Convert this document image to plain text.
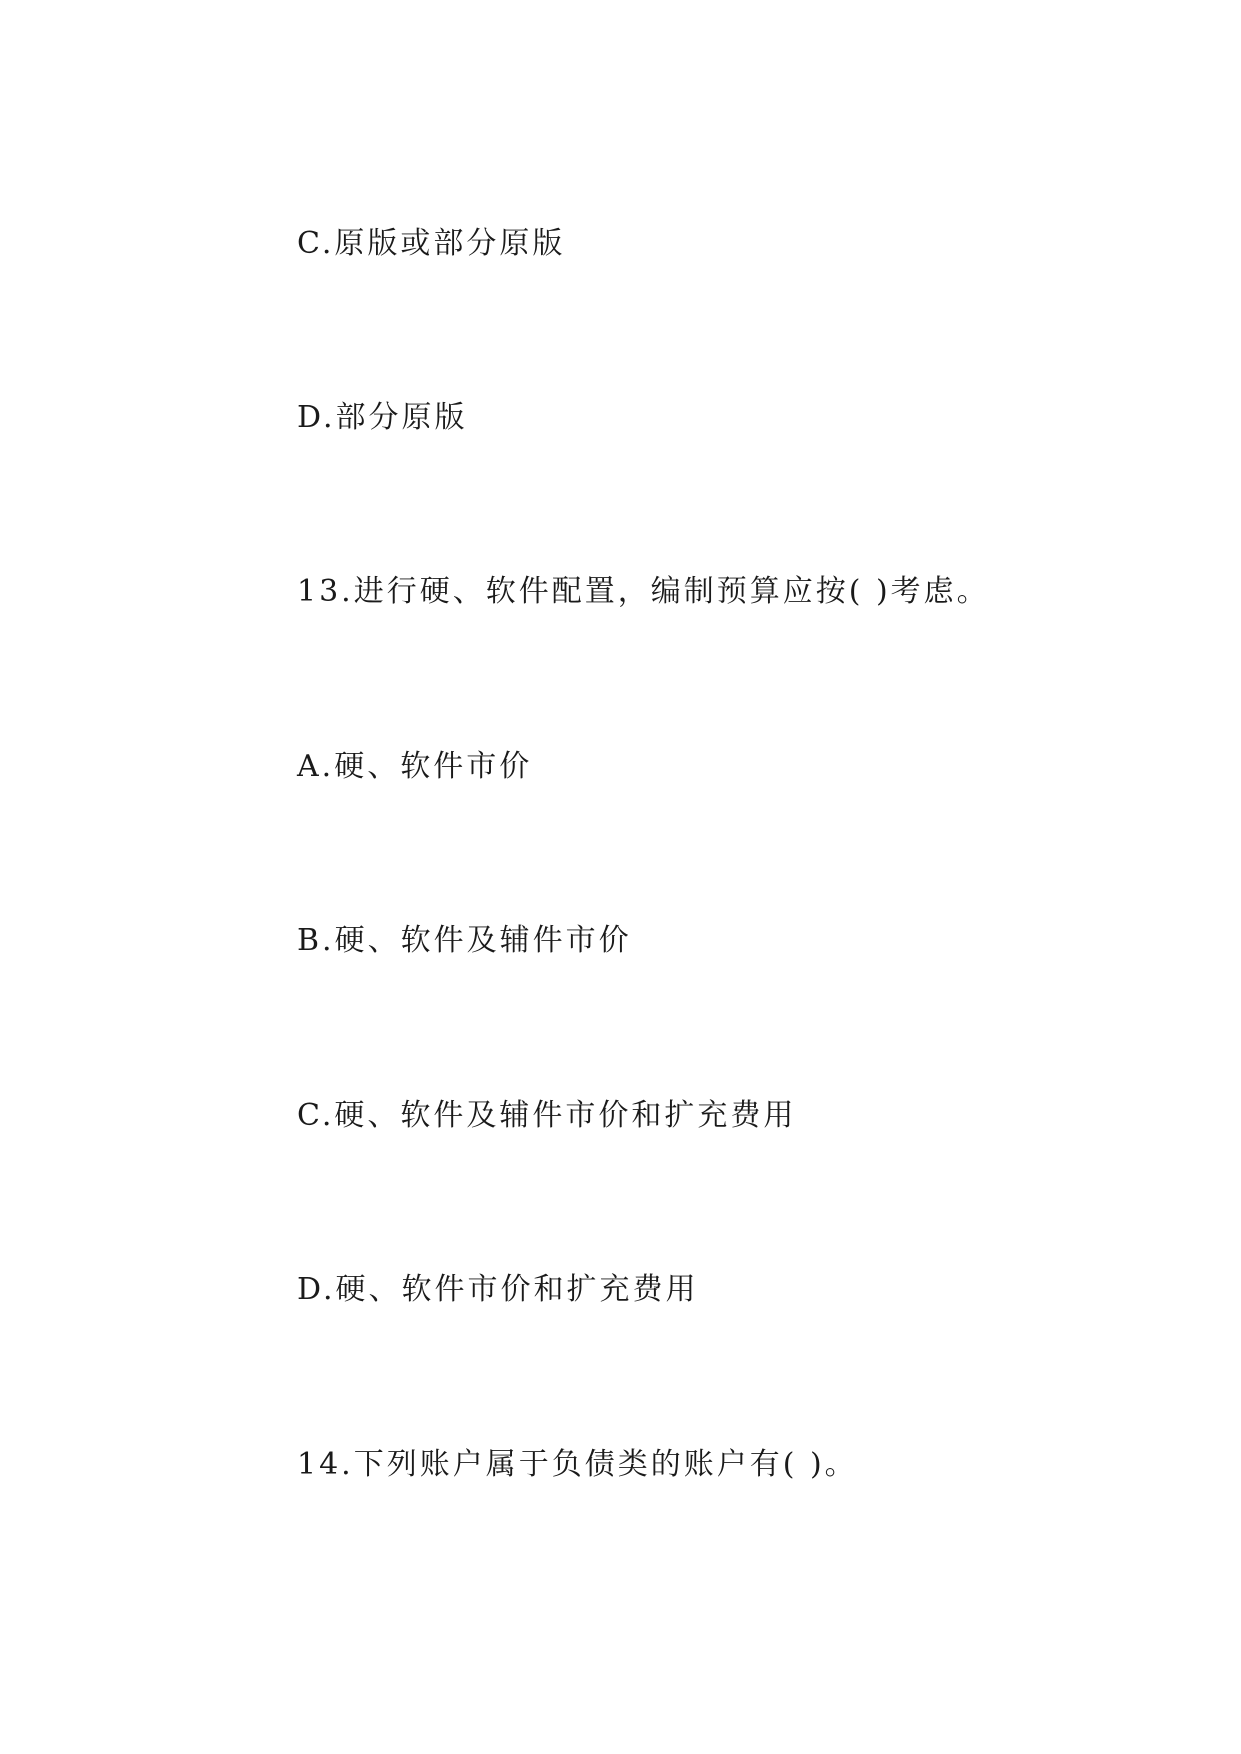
C.原版或部分原版
D.部分原版
13.进行硬、软件配置，编制预算应按( )考虑。
A.硬、软件市价
B.硬、软件及辅件市价
C.硬、软件及辅件市价和扩充费用
D.硬、软件市价和扩充费用
14.下列账户属于负债类的账户有( )。
